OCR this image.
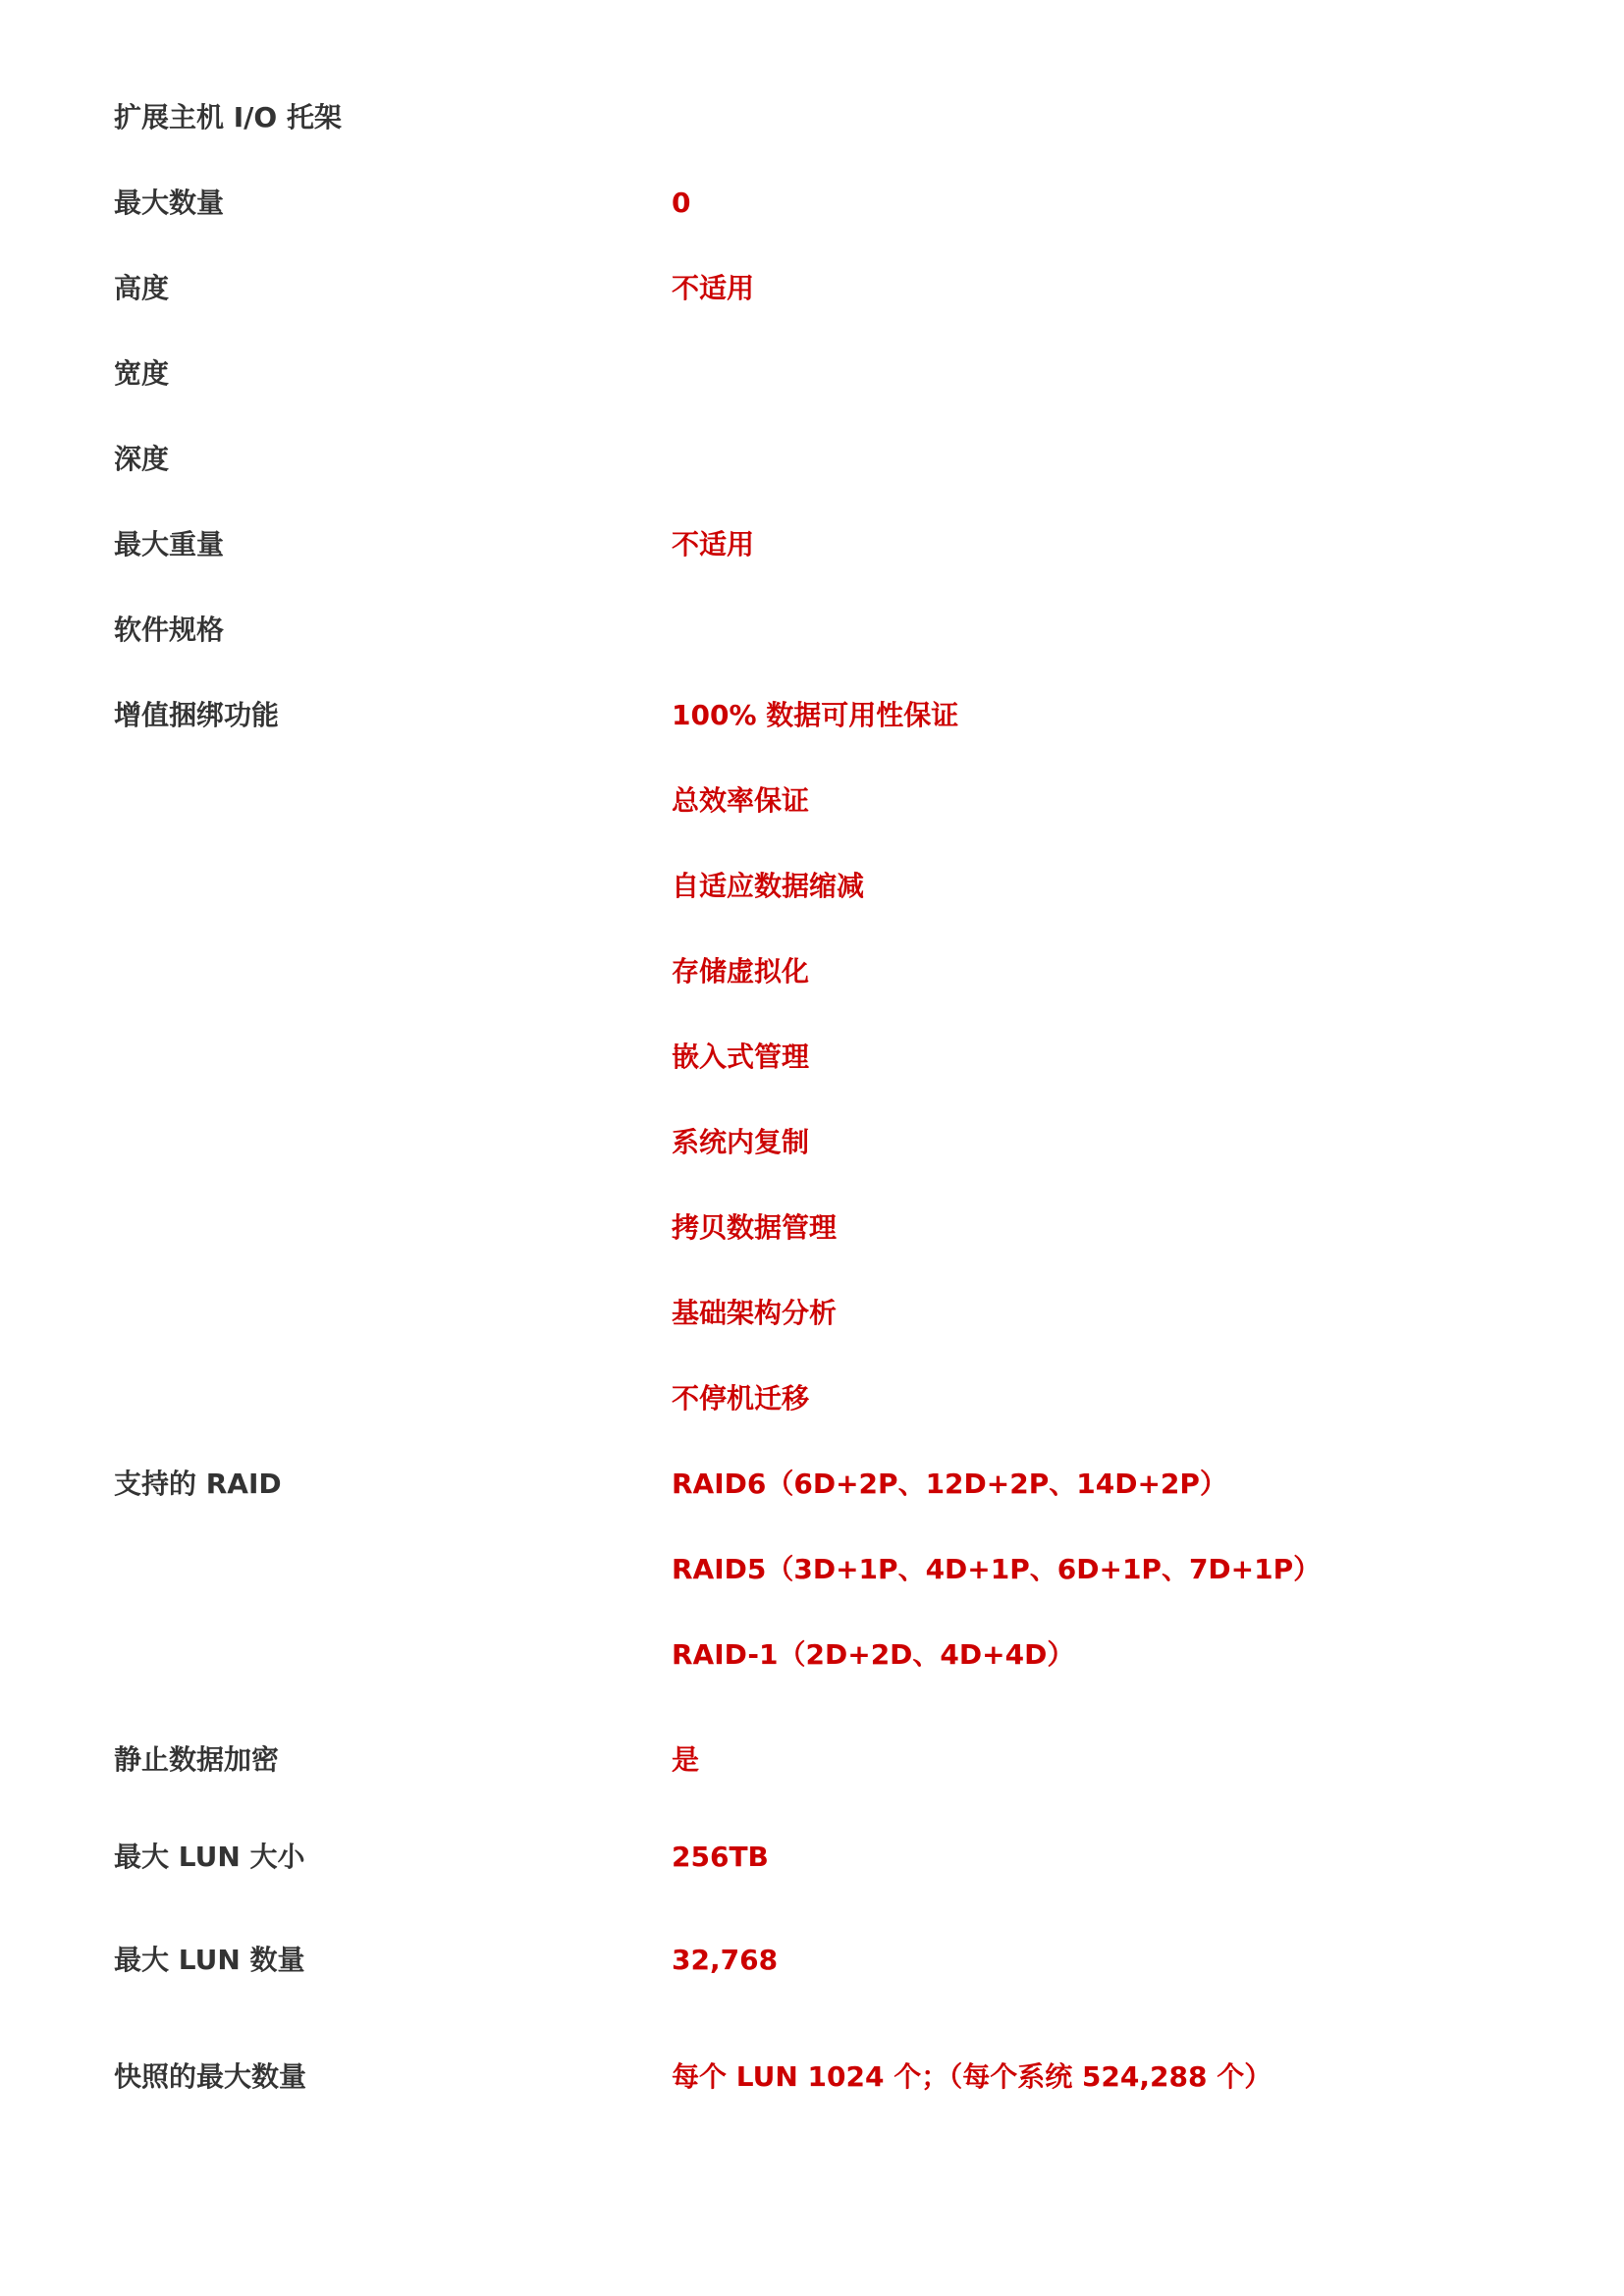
扩展主机 I/O 托架
最大数量	0
高度	不适用
宽度
深度
最大重量	不适用
软件规格
增值捆绑功能	100% 数据可用性保证
总效率保证
自适应数据缩减
存储虚拟化
嵌入式管理
系统内复制
拷贝数据管理
基础架构分析
不停机迁移
支持的 RAID	RAID6（6D+2P、12D+2P、14D+2P）
RAID5（3D+1P、4D+1P、6D+1P、7D+1P）
RAID-1（2D+2D、4D+4D）
静止数据加密	是
最大 LUN 大小	256TB
最大 LUN 数量	32,768
快照的最大数量	每个 LUN 1024 个；（每个系统 524,288 个）
